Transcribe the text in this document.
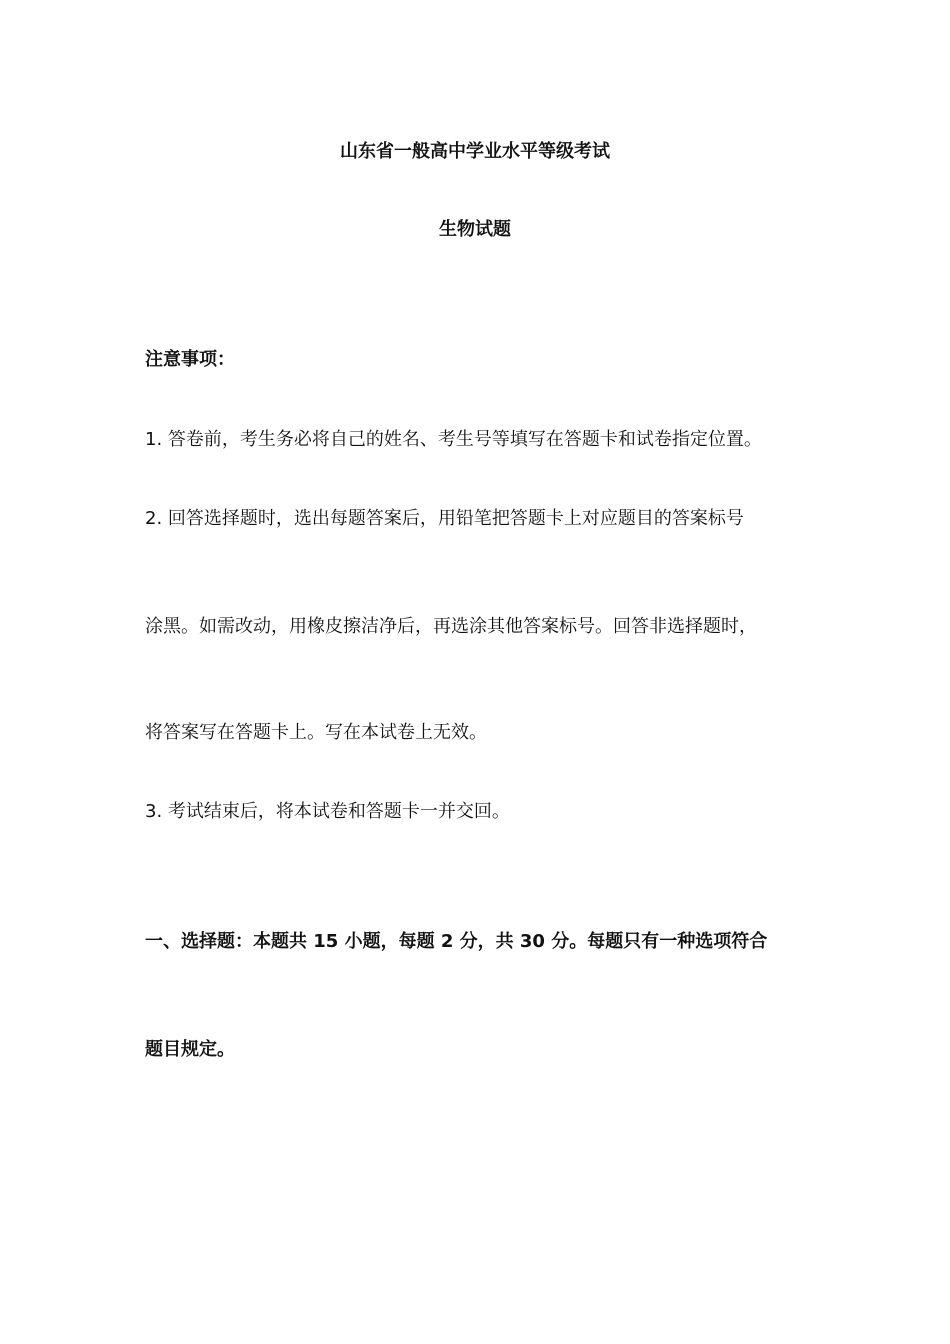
山东省一般高中学业水平等级考试
生物试题
注意事项：
1. 答卷前，考生务必将自己的姓名、考生号等填写在答题卡和试卷指定位置。
2. 回答选择题时，选出每题答案后，用铅笔把答题卡上对应题目的答案标号
涂黑。如需改动，用橡皮擦洁净后，再选涂其他答案标号。回答非选择题时，
将答案写在答题卡上。写在本试卷上无效。
3. 考试结束后，将本试卷和答题卡一并交回。
一、选择题：本题共 15 小题，每题 2 分，共 30 分。每题只有一种选项符合
题目规定。
